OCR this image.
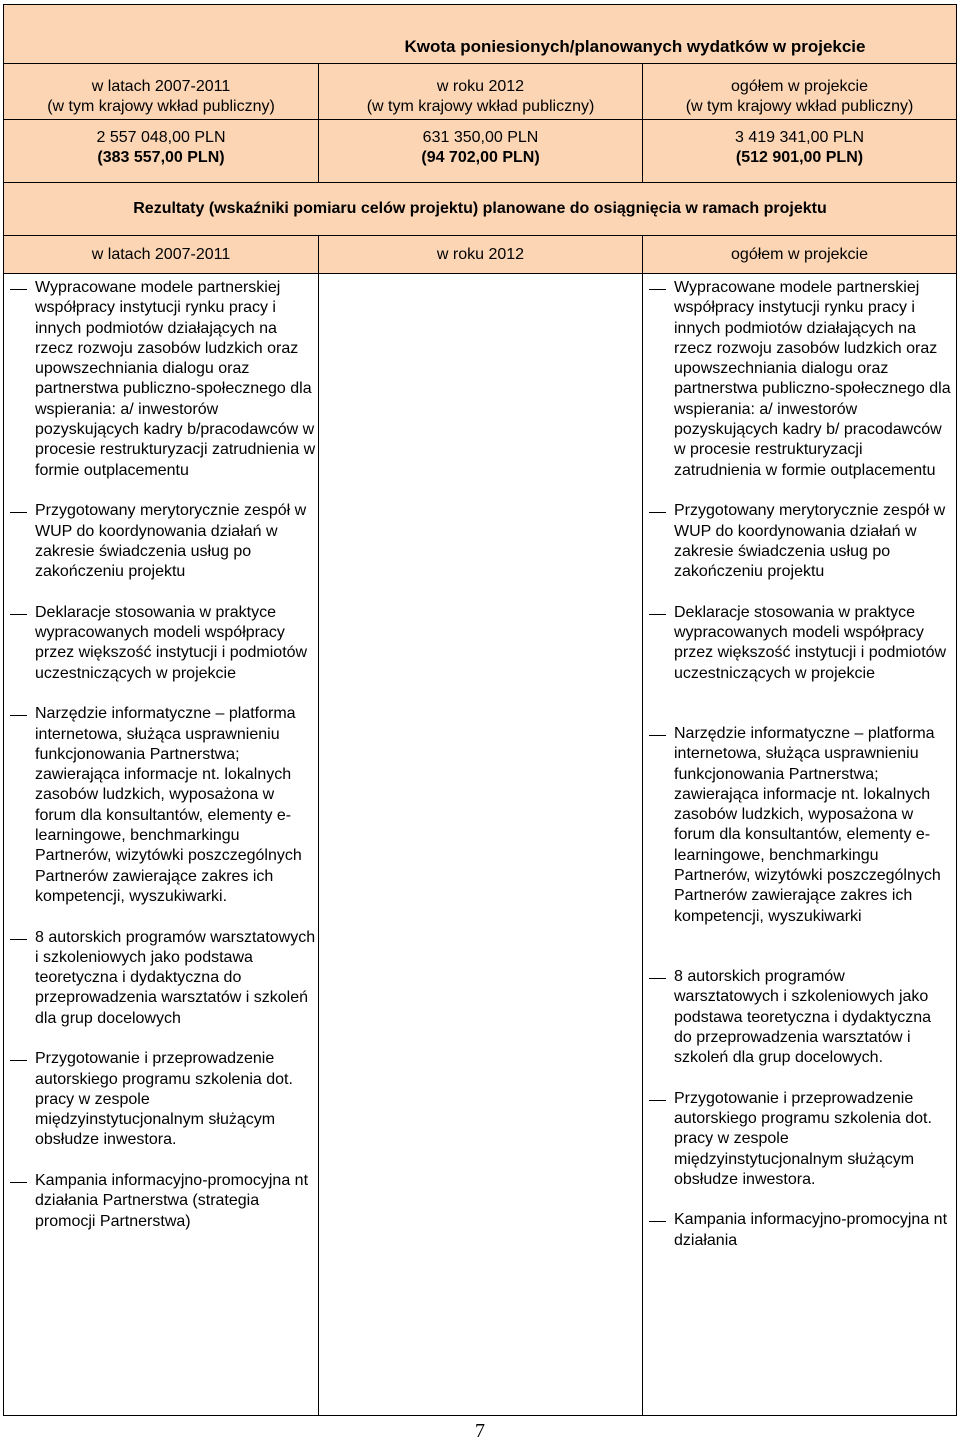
Kwota poniesionych/planowanych wydatków w projekcie
w latach 2007-2011
(w tym krajowy wkład publiczny)
w roku 2012
(w tym krajowy wkład publiczny)
ogółem w projekcie
(w tym krajowy wkład publiczny)
2 557 048,00 PLN
(383 557,00 PLN)
631 350,00 PLN
(94 702,00 PLN)
3 419 341,00 PLN
(512 901,00 PLN)
Rezultaty (wskaźniki pomiaru celów projektu) planowane do osiągnięcia w ramach projektu
w latach 2007-2011	w roku 2012	ogółem w projekcie
Wypracowane modele partnerskiej współpracy instytucji rynku pracy i innych podmiotów działających na rzecz rozwoju zasobów ludzkich oraz upowszechniania dialogu oraz partnerstwa publiczno-społecznego dla wspierania: a/ inwestorów pozyskujących kadry b/pracodawców w procesie restrukturyzacji zatrudnienia w formie outplacementu
Przygotowany merytorycznie zespół w WUP do koordynowania działań w zakresie świadczenia usług po zakończeniu projektu
Deklaracje stosowania w praktyce wypracowanych modeli współpracy przez większość instytucji i podmiotów uczestniczących w projekcie
Narzędzie informatyczne – platforma internetowa, służąca usprawnieniu funkcjonowania Partnerstwa; zawierająca informacje nt. lokalnych zasobów ludzkich, wyposażona w forum dla konsultantów, elementy e-learningowe, benchmarkingu Partnerów, wizytówki poszczególnych Partnerów zawierające zakres ich kompetencji, wyszukiwarki.
8 autorskich programów warsztatowych i szkoleniowych jako podstawa teoretyczna i dydaktyczna do przeprowadzenia warsztatów i szkoleń dla grup docelowych
Przygotowanie i przeprowadzenie autorskiego programu szkolenia dot. pracy w zespole międzyinstytucjonalnym służącym obsłudze inwestora.
Kampania informacyjno-promocyjna nt działania Partnerstwa (strategia promocji Partnerstwa)
Wypracowane modele partnerskiej współpracy instytucji rynku pracy i innych podmiotów działających na rzecz rozwoju zasobów ludzkich oraz upowszechniania dialogu oraz partnerstwa publiczno-społecznego dla wspierania: a/ inwestorów pozyskujących kadry b/ pracodawców w procesie restrukturyzacji zatrudnienia w formie outplacementu
Przygotowany merytorycznie zespół w WUP do koordynowania działań w zakresie świadczenia usług po zakończeniu projektu
Deklaracje stosowania w praktyce wypracowanych modeli współpracy przez większość instytucji i podmiotów uczestniczących w projekcie
Narzędzie informatyczne – platforma internetowa, służąca usprawnieniu funkcjonowania Partnerstwa; zawierająca informacje nt. lokalnych zasobów ludzkich, wyposażona w forum dla konsultantów, elementy e-learningowe, benchmarkingu Partnerów, wizytówki poszczególnych Partnerów zawierające zakres ich kompetencji, wyszukiwarki
8 autorskich programów warsztatowych i szkoleniowych jako podstawa teoretyczna i dydaktyczna do przeprowadzenia warsztatów i szkoleń dla grup docelowych.
Przygotowanie i przeprowadzenie autorskiego programu szkolenia dot. pracy w zespole międzyinstytucjonalnym służącym obsłudze inwestora.
Kampania informacyjno-promocyjna nt działania
7
